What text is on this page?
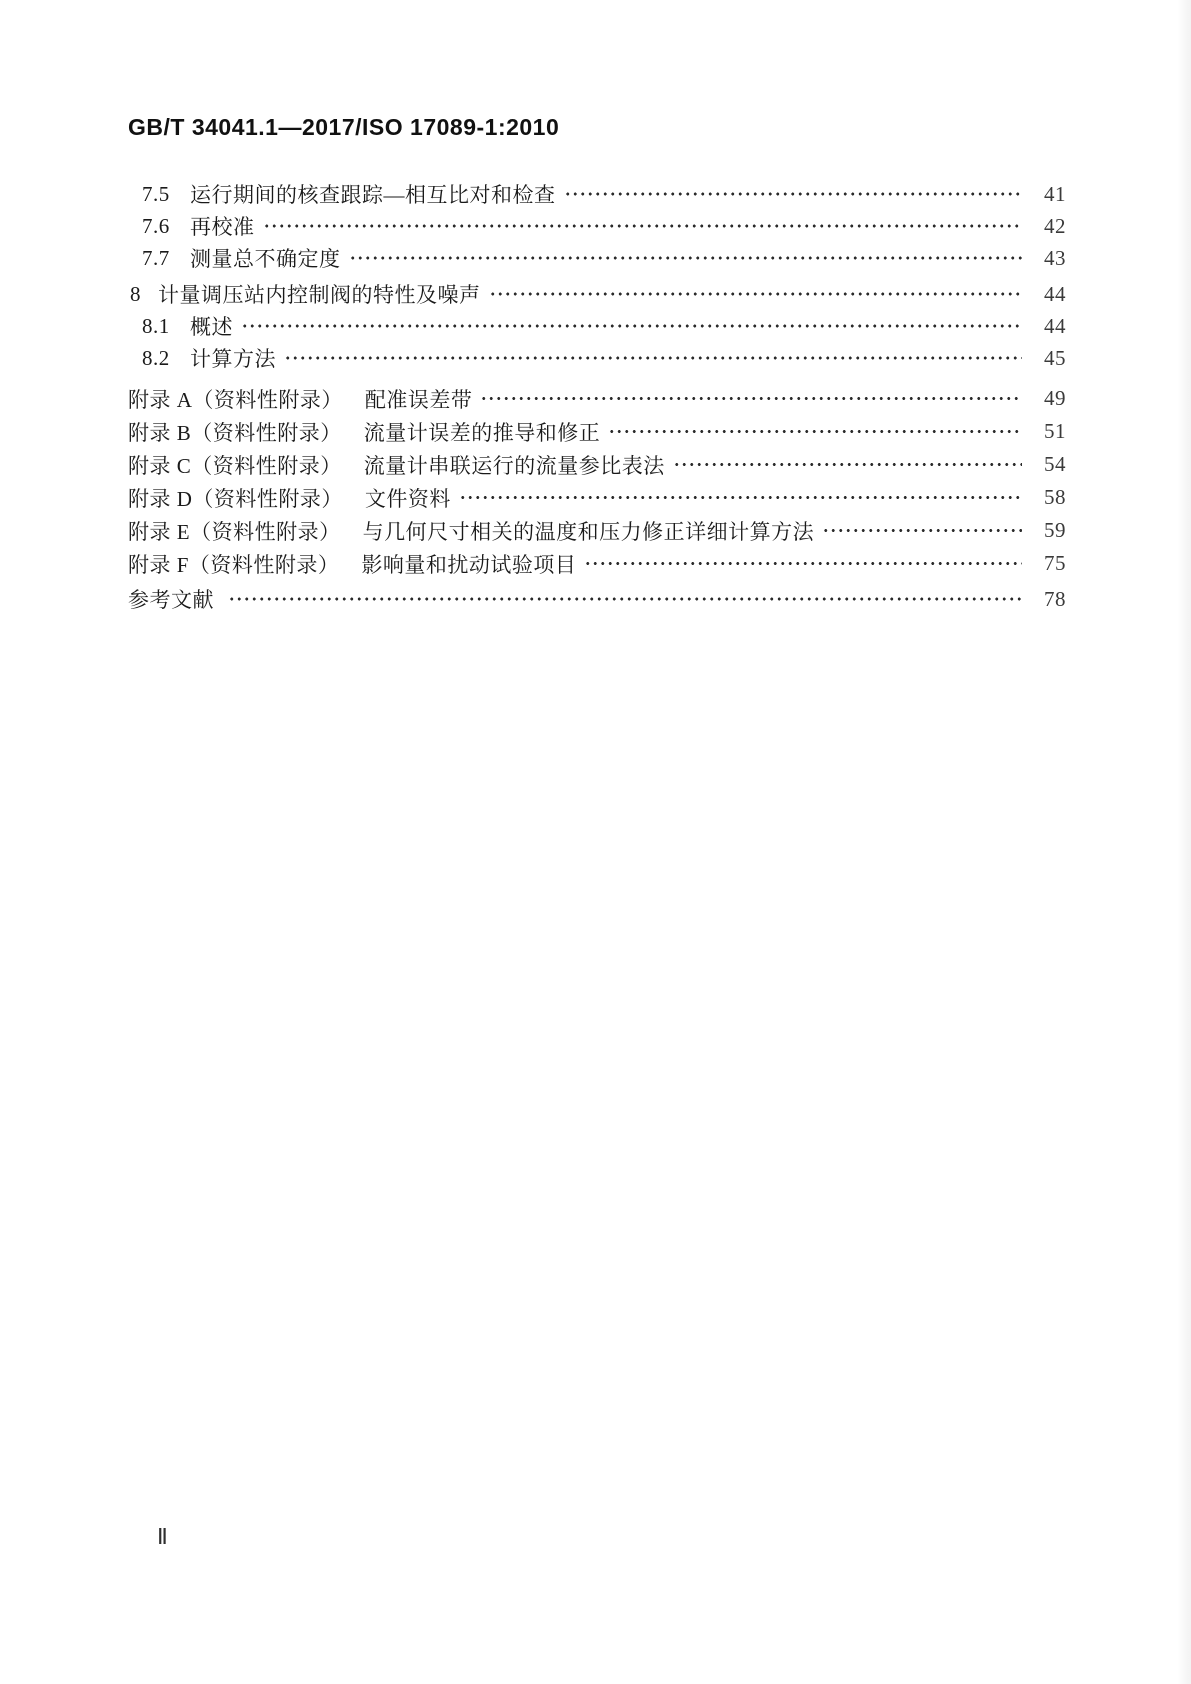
GB/T 34041.1—2017/ISO 17089-1:2010
7.5 运行期间的核查跟踪—相互比对和检查	41
7.6 再校准	42
7.7 测量总不确定度	43
8 计量调压站内控制阀的特性及噪声	44
8.1 概述	44
8.2 计算方法	45
附录 A（资料性附录） 配准误差带	49
附录 B（资料性附录） 流量计误差的推导和修正	51
附录 C（资料性附录） 流量计串联运行的流量参比表法	54
附录 D（资料性附录） 文件资料	58
附录 E（资料性附录） 与几何尺寸相关的温度和压力修正详细计算方法	59
附录 F（资料性附录） 影响量和扰动试验项目	75
参考文献	78
Ⅱ
